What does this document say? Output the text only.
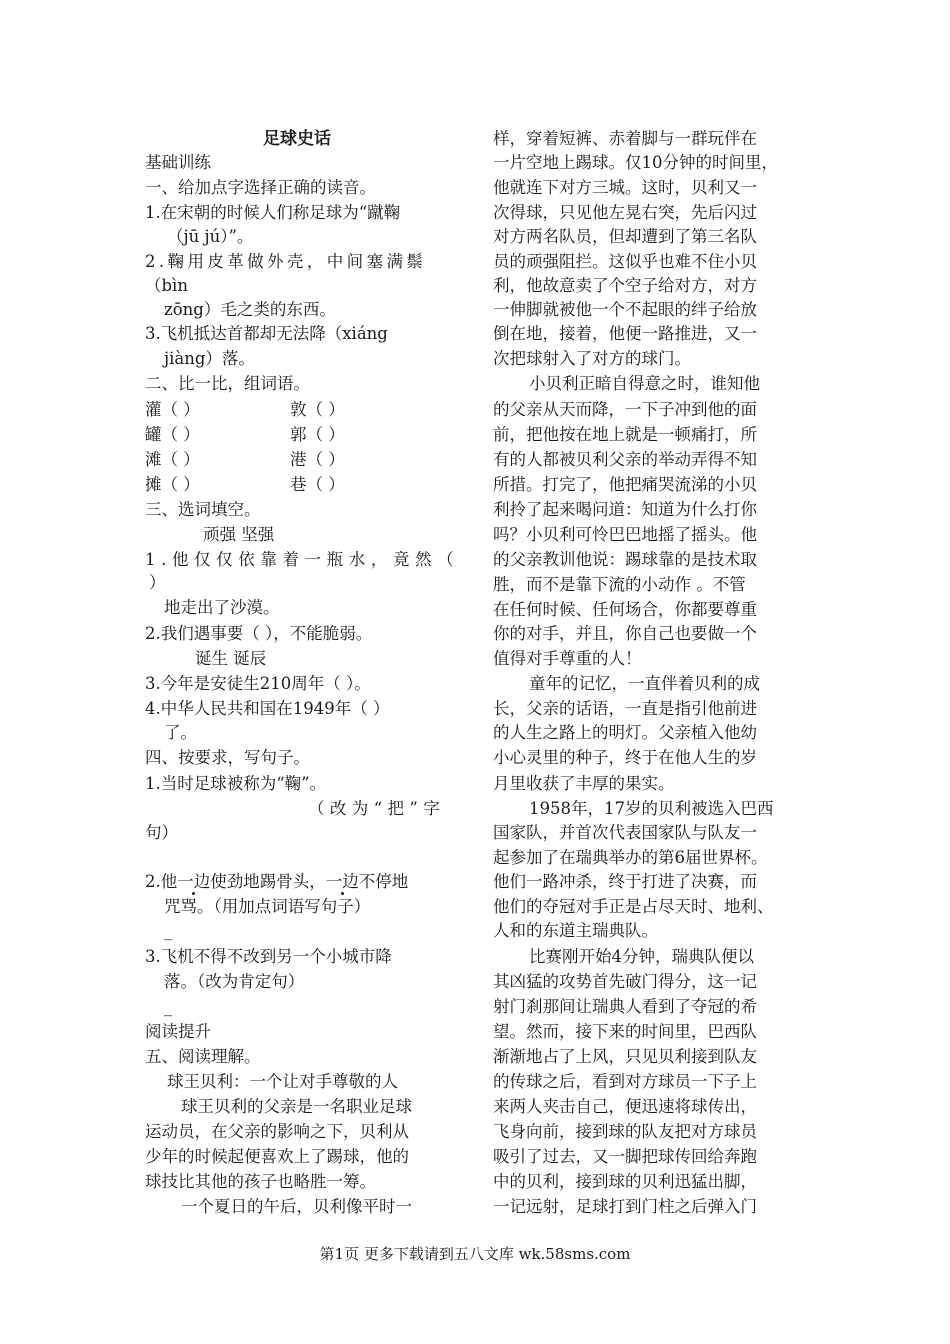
足球史话
基础训练
一、给加点字选择正确的读音。
1.在宋朝的时候人们称足球为“蹴鞠
（jū jú）”。
2.鞠用皮革做外壳，中间塞满鬃
（bìn
zōng）毛之类的东西。
3.飞机抵达首都却无法降（xiáng
jiàng）落。
二、比一比，组词语。
灌（ ）	敦（ ）
罐（ ）	郭（ ）
滩（ ）	港（ ）
摊（ ）	巷（ ）
三、选词填空。
顽强 坚强
1.他仅仅依靠着一瓶水，竟然（
）
地走出了沙漠。
2.我们遇事要（ ），不能脆弱。
诞生 诞辰
3.今年是安徒生210周年（ ）。
4.中华人民共和国在1949年（ ）
了。
四、按要求，写句子。
1.当时足球被称为“鞠”。
（改为“把”字
句）
2.他一边使劲地踢骨头，一边不停地
咒骂。（用加点词语写句子）
_
3.飞机不得不改到另一个小城市降
落。（改为肯定句）
_
阅读提升
五、阅读理解。
球王贝利：一个让对手尊敬的人
球王贝利的父亲是一名职业足球
运动员，在父亲的影响之下，贝利从
少年的时候起便喜欢上了踢球，他的
球技比其他的孩子也略胜一筹。
一个夏日的午后，贝利像平时一
样，穿着短裤、赤着脚与一群玩伴在
一片空地上踢球。仅10分钟的时间里，
他就连下对方三城。这时，贝利又一
次得球，只见他左晃右突，先后闪过
对方两名队员，但却遭到了第三名队
员的顽强阻拦。这似乎也难不住小贝
利，他故意卖了个空子给对方，对方
一伸脚就被他一个不起眼的绊子给放
倒在地，接着，他便一路推进，又一
次把球射入了对方的球门。
小贝利正暗自得意之时，谁知他
的父亲从天而降，一下子冲到他的面
前，把他按在地上就是一顿痛打，所
有的人都被贝利父亲的举动弄得不知
所措。打完了，他把痛哭流涕的小贝
利拎了起来喝问道：知道为什么打你
吗？小贝利可怜巴巴地摇了摇头。他
的父亲教训他说：踢球靠的是技术取
胜，而不是靠下流的小动作 。不管
在任何时候、任何场合，你都要尊重
你的对手，并且，你自己也要做一个
值得对手尊重的人！
童年的记忆，一直伴着贝利的成
长，父亲的话语，一直是指引他前进
的人生之路上的明灯。父亲植入他幼
小心灵里的种子，终于在他人生的岁
月里收获了丰厚的果实。
1958年，17岁的贝利被选入巴西
国家队，并首次代表国家队与队友一
起参加了在瑞典举办的第6届世界杯。
他们一路冲杀，终于打进了决赛，而
他们的夺冠对手正是占尽天时、地利、
人和的东道主瑞典队。
比赛刚开始4分钟，瑞典队便以
其凶猛的攻势首先破门得分，这一记
射门刹那间让瑞典人看到了夺冠的希
望。然而，接下来的时间里，巴西队
渐渐地占了上风，只见贝利接到队友
的传球之后，看到对方球员一下子上
来两人夹击自己，便迅速将球传出，
飞身向前，接到球的队友把对方球员
吸引了过去，又一脚把球传回给奔跑
中的贝利，接到球的贝利迅猛出脚，
一记远射，足球打到门柱之后弹入门
第1页 更多下载请到五八文库 wk.58sms.com
